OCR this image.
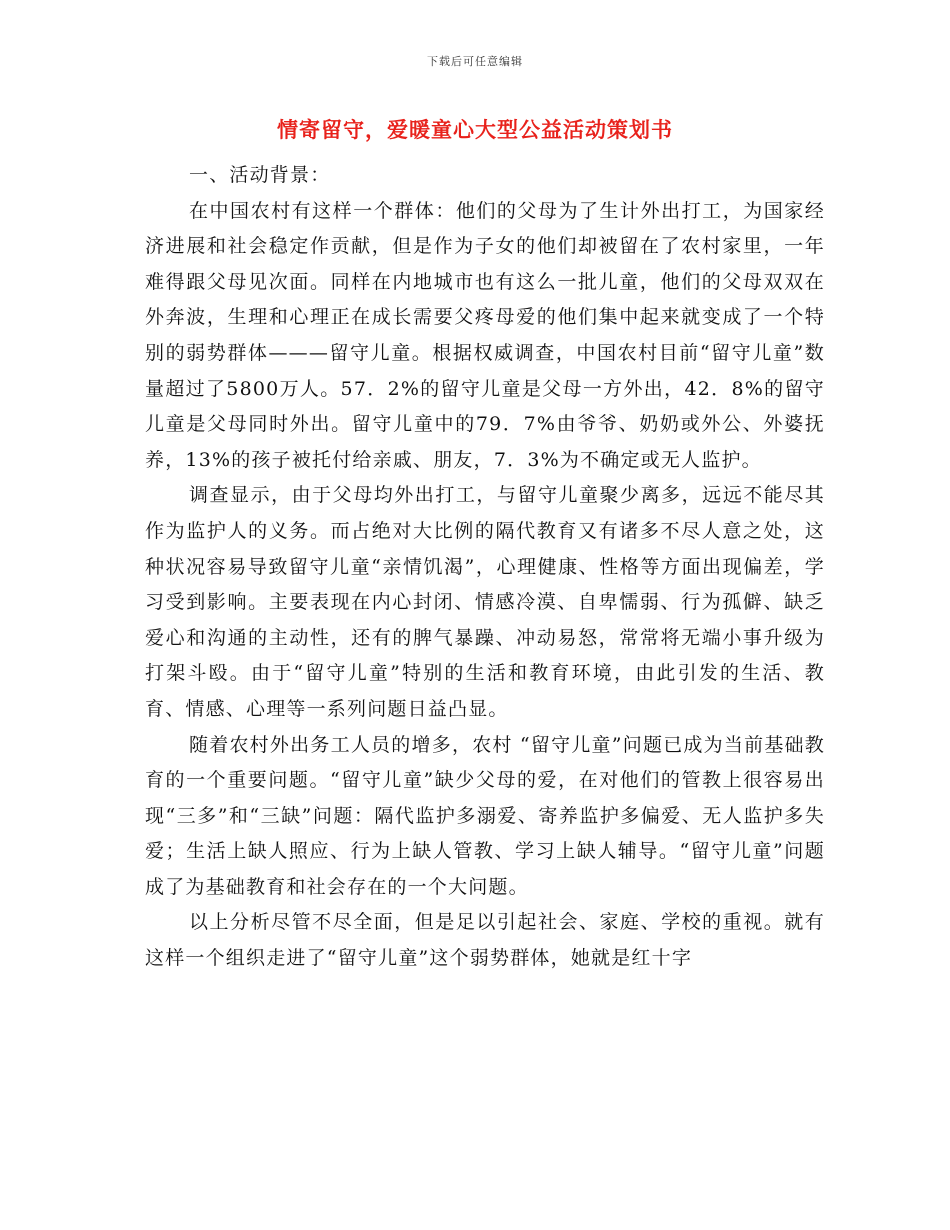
下载后可任意编辑
情寄留守，爱暖童心大型公益活动策划书

一、活动背景：

在中国农村有这样一个群体：他们的父母为了生计外出打工，为国家经济进展和社会稳定作贡献，但是作为子女的他们却被留在了农村家里，一年难得跟父母见次面。同样在内地城市也有这么一批儿童，他们的父母双双在外奔波，生理和心理正在成长需要父疼母爱的他们集中起来就变成了一个特别的弱势群体———留守儿童。根据权威调查，中国农村目前“留守儿童”数量超过了5800万人。57．2%的留守儿童是父母一方外出，42．8%的留守儿童是父母同时外出。留守儿童中的79．7%由爷爷、奶奶或外公、外婆抚养，13%的孩子被托付给亲戚、朋友，7．3%为不确定或无人监护。

调查显示，由于父母均外出打工，与留守儿童聚少离多，远远不能尽其作为监护人的义务。而占绝对大比例的隔代教育又有诸多不尽人意之处，这种状况容易导致留守儿童“亲情饥渴”，心理健康、性格等方面出现偏差，学习受到影响。主要表现在内心封闭、情感冷漠、自卑懦弱、行为孤僻、缺乏爱心和沟通的主动性，还有的脾气暴躁、冲动易怒，常常将无端小事升级为打架斗殴。由于“留守儿童”特别的生活和教育环境，由此引发的生活、教育、情感、心理等一系列问题日益凸显。

随着农村外出务工人员的增多，农村 “留守儿童”问题已成为当前基础教育的一个重要问题。“留守儿童”缺少父母的爱，在对他们的管教上很容易出现“三多”和“三缺”问题：隔代监护多溺爱、寄养监护多偏爱、无人监护多失爱；生活上缺人照应、行为上缺人管教、学习上缺人辅导。“留守儿童”问题成了为基础教育和社会存在的一个大问题。

以上分析尽管不尽全面，但是足以引起社会、家庭、学校的重视。就有这样一个组织走进了“留守儿童”这个弱势群体，她就是红十字
